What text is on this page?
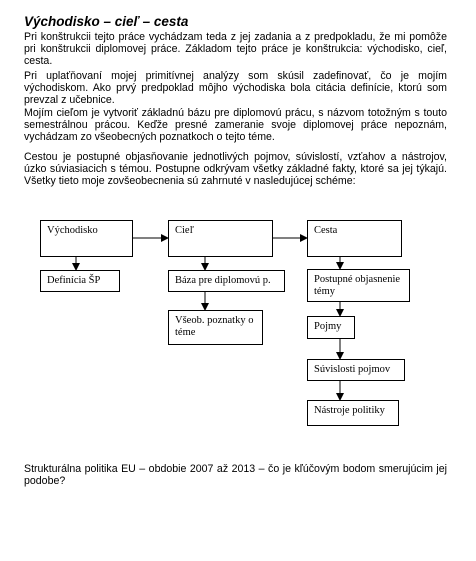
Východisko – cieľ – cesta

Pri konštrukcii tejto práce vychádzam teda z jej zadania a z predpokladu, že mi pomôže pri konštrukcii diplomovej práce. Základom tejto práce je konštrukcia: východisko, cieľ, cesta.

Pri uplaťňovaní mojej primitívnej analýzy som skúsil zadefinovať, čo je mojím východiskom. Ako prvý predpoklad môjho východiska bola citácia definície, ktorú som prevzal z učebnice.

Mojím cieľom je vytvoriť základnú bázu pre diplomovú prácu, s názvom totožným s touto semestrálnou prácou. Keďže presné zameranie svoje diplomovej práce nepoznám, vychádzam zo všeobecných poznatkoch o tejto téme.

Cestou je postupné objasňovanie jednotlivých pojmov, súvislostí, vzťahov a nástrojov, úzko súviasiacich s témou. Postupne odkrývam všetky základné fakty, ktoré sa jej týkajú. Všetky tieto moje zovšeobecnenia sú zahrnuté v nasledujúcej schéme:

Východisko	Cieľ	Cesta
Definícia ŠP	Báza pre diplomovú p.
Všeob. poznatky o téme
Postupné objasnenie témy
Pojmy
Súvislosti pojmov
Nástroje politiky

Strukturálna politika EU – obdobie 2007 až 2013 – čo je kľúčovým bodom smerujúcim jej podobe?
